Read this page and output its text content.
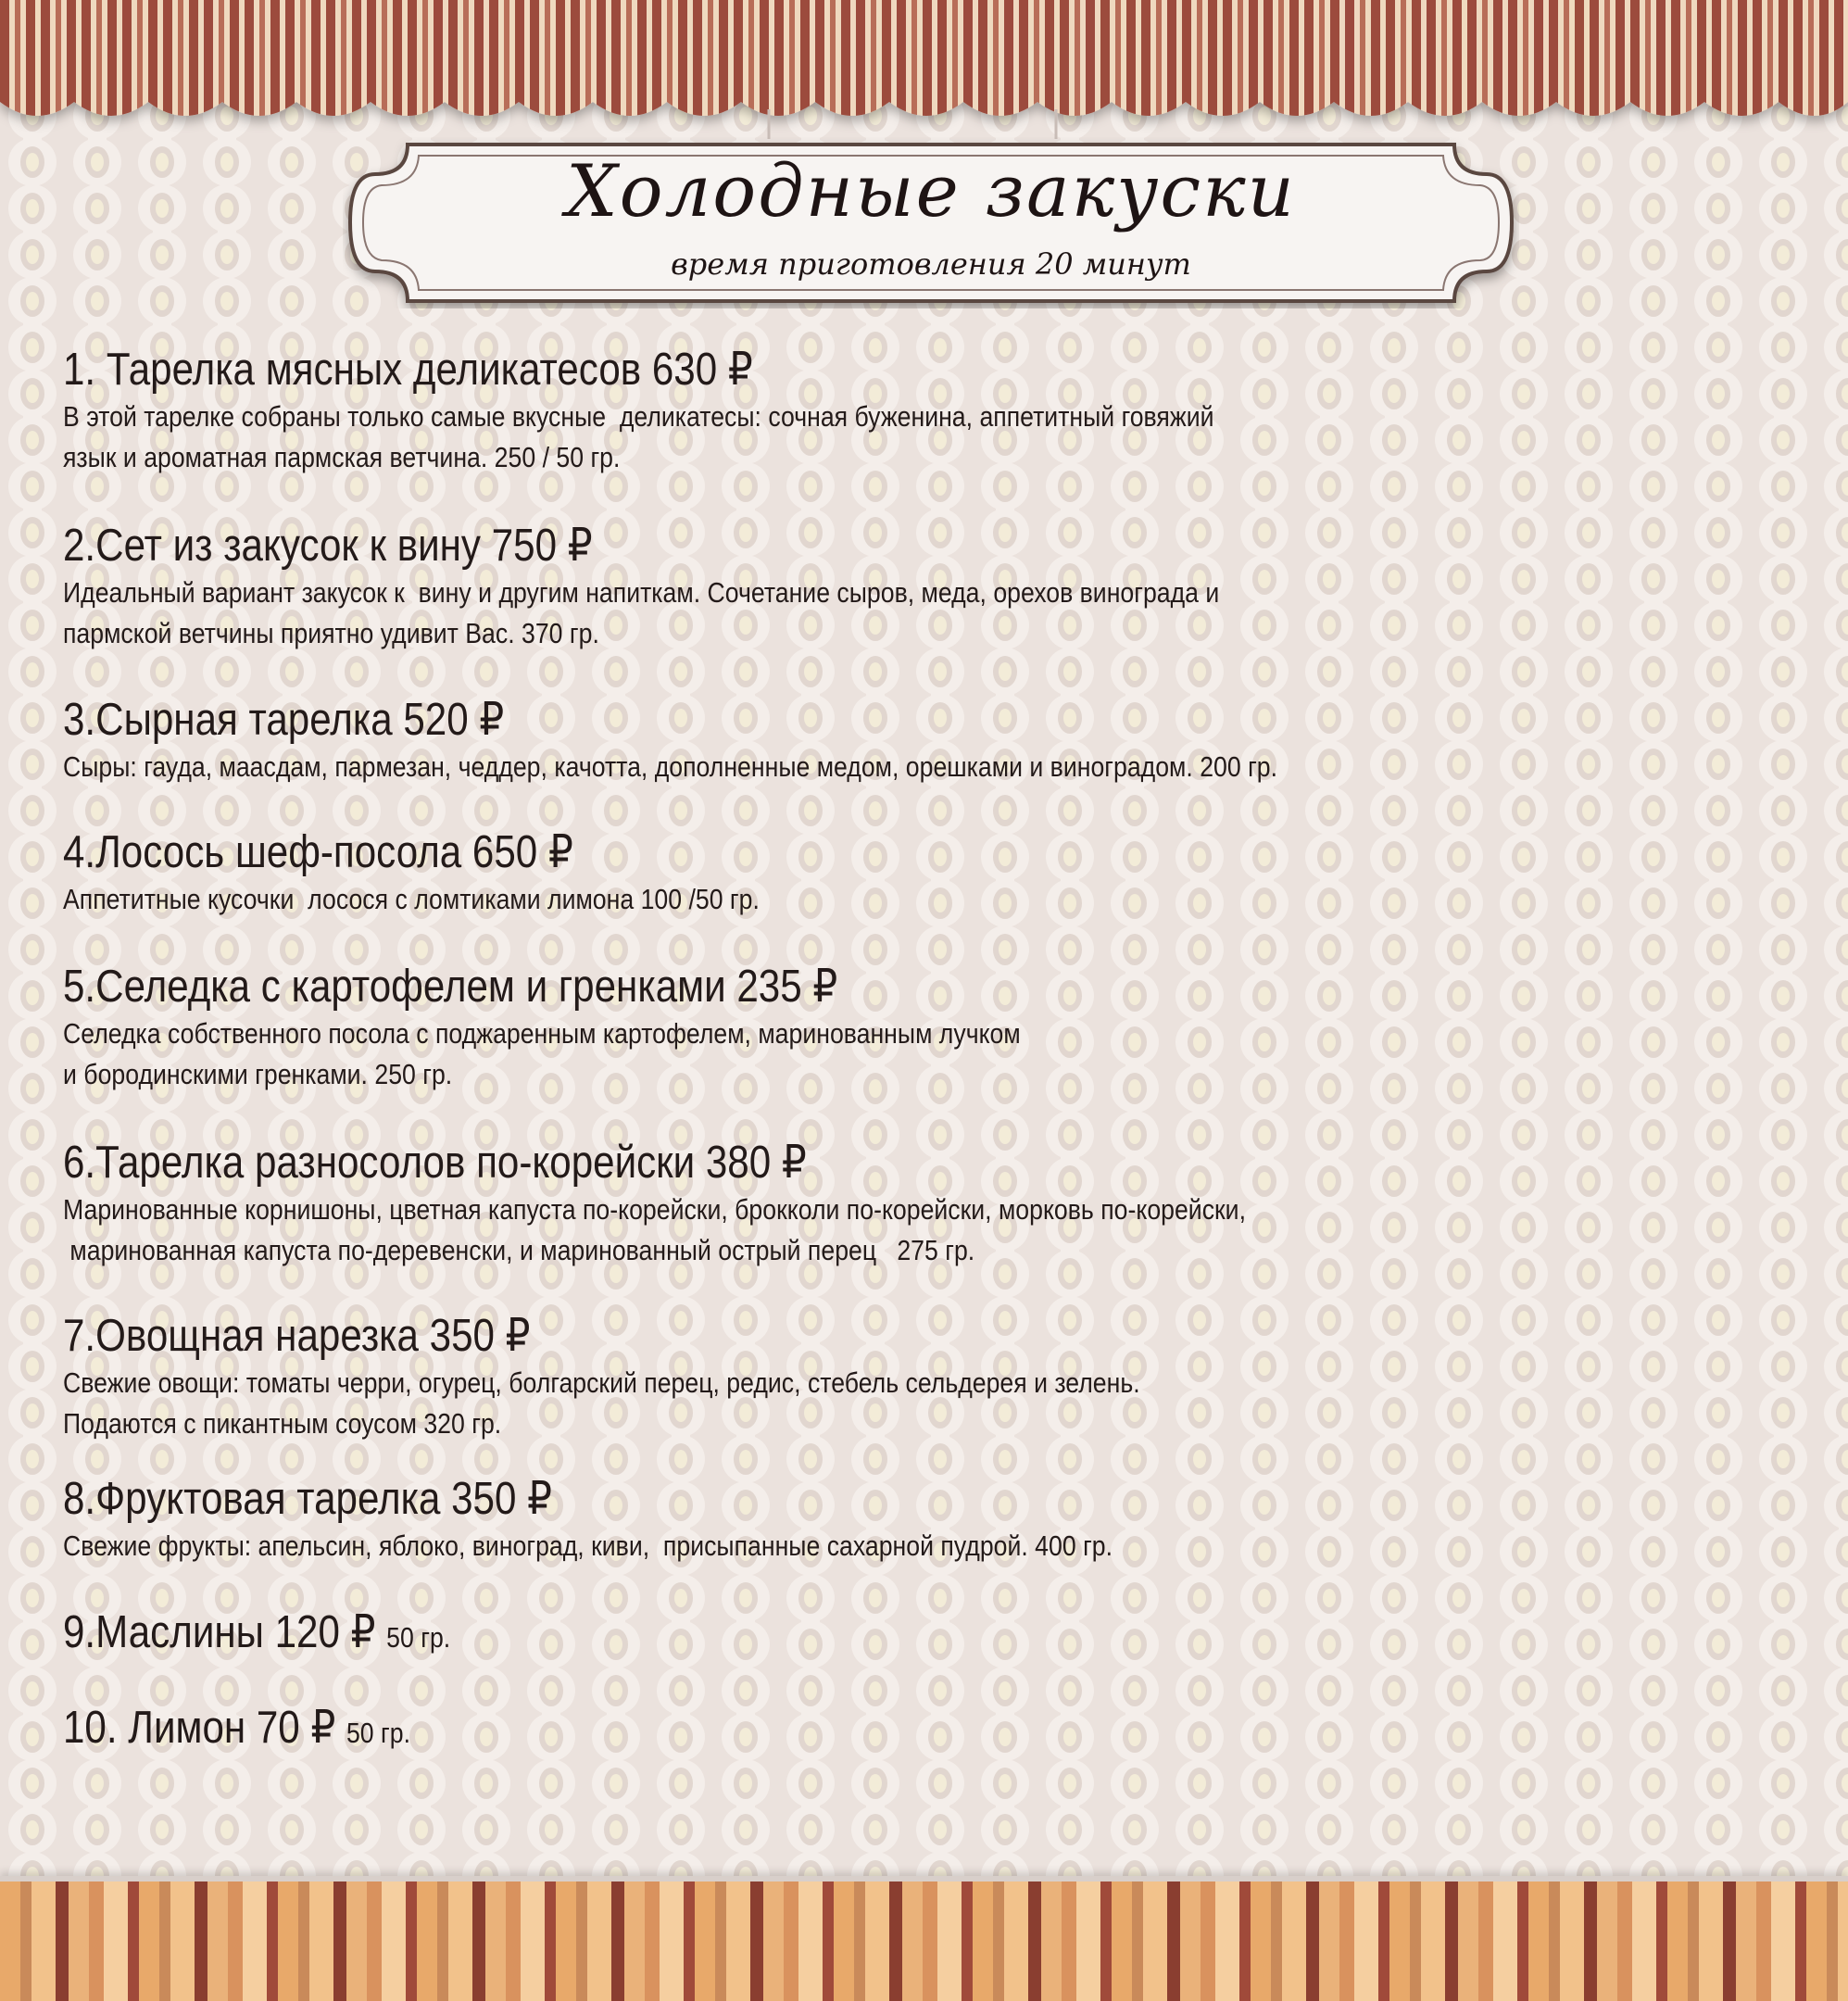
Холодные закуски
время приготовления 20 минут
1. Тарелка мясных деликатесов 630 ₽
В этой тарелке собраны только самые вкусные  деликатесы: сочная буженина, аппетитный говяжий
язык и ароматная пармская ветчина. 250 / 50 гр.
2.Сет из закусок к вину 750 ₽
Идеальный вариант закусок к  вину и другим напиткам. Сочетание сыров, меда, орехов винограда и
пармской ветчины приятно удивит Вас. 370 гр.
3.Сырная тарелка 520 ₽
Сыры: гауда, маасдам, пармезан, чеддер, качотта, дополненные медом, орешками и виноградом. 200 гр.
4.Лосось шеф-посола 650 ₽
Аппетитные кусочки  лосося с ломтиками лимона 100 /50 гр.
5.Селедка с картофелем и гренками 235 ₽
Селедка собственного посола с поджаренным картофелем, маринованным лучком
и бородинскими гренками. 250 гр.
6.Тарелка разносолов по-корейски 380 ₽
Маринованные корнишоны, цветная капуста по-корейски, брокколи по-корейски, морковь по-корейски,
маринованная капуста по-деревенски, и маринованный острый перец   275 гр.
7.Овощная нарезка 350 ₽
Свежие овощи: томаты черри, огурец, болгарский перец, редис, стебель сельдерея и зелень.
Подаются с пикантным соусом 320 гр.
8.Фруктовая тарелка 350 ₽
Свежие фрукты: апельсин, яблоко, виноград, киви,  присыпанные сахарной пудрой. 400 гр.
9.Маслины 120 ₽ 50 гр.
10. Лимон 70 ₽ 50 гр.
